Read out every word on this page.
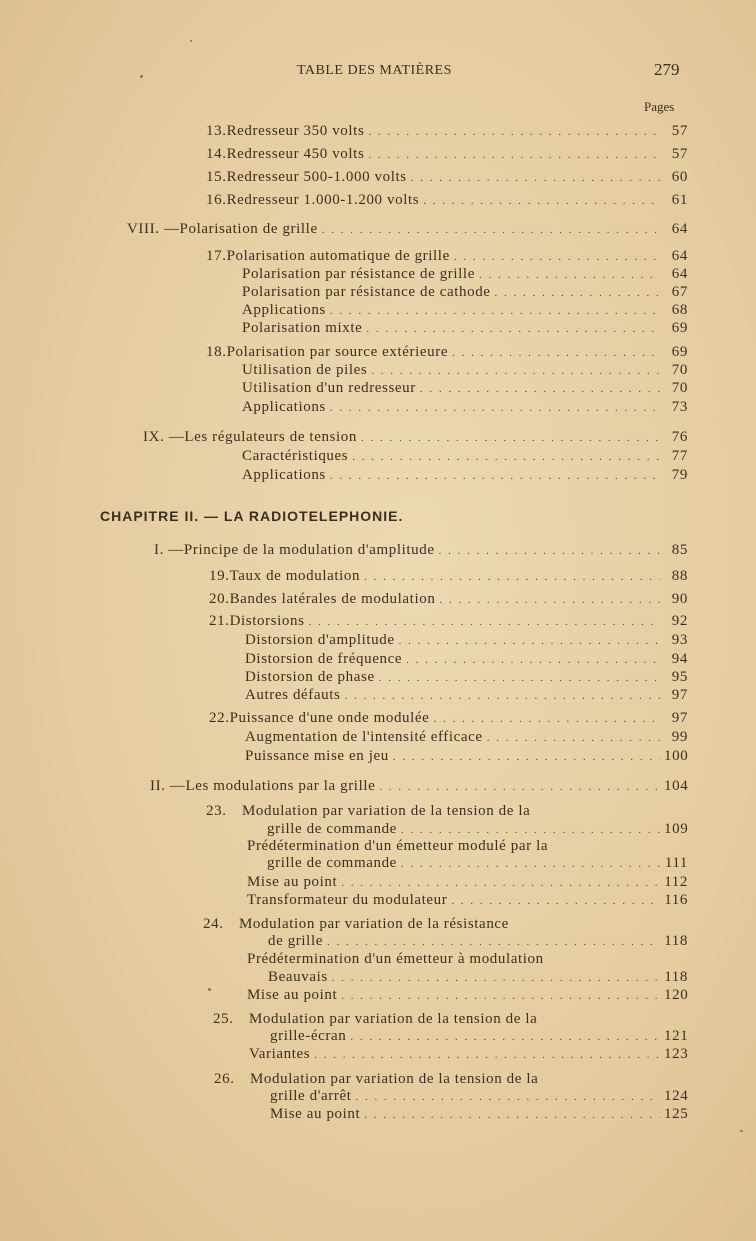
TABLE DES MATIÈRES	279
Pages
13. Redresseur 350 volts . . .	57
14. Redresseur 450 volts . . .	57
15. Redresseur 500-1.000 volts . . .	60
16. Redresseur 1.000-1.200 volts . . .	61
VIII. — Polarisation de grille . . .	64
17. Polarisation automatique de grille . . .	64
Polarisation par résistance de grille . . .	64
Polarisation par résistance de cathode . . .	67
Applications . . .	68
Polarisation mixte . . .	69
18. Polarisation par source extérieure . . .	69
Utilisation de piles . . .	70
Utilisation d'un redresseur . . .	70
Applications . . .	73
IX. — Les régulateurs de tension . . .	76
Caractéristiques . . .	77
Applications . . .	79
CHAPITRE II. — LA RADIOTELEPHONIE.
I. — Principe de la modulation d'amplitude . . .	85
19. Taux de modulation . . .	88
20. Bandes latérales de modulation . . .	90
21. Distorsions . . .	92
Distorsion d'amplitude . . .	93
Distorsion de fréquence . . .	94
Distorsion de phase . . .	95
Autres défauts . . .	97
22. Puissance d'une onde modulée . . .	97
Augmentation de l'intensité efficace . . .	99
Puissance mise en jeu . . .	100
II. — Les modulations par la grille . . .	104
23. Modulation par variation de la tension de la
grille de commande . . .	109
Prédétermination d'un émetteur modulé par la
grille de commande . . .	111
Mise au point . . .	112
Transformateur du modulateur . . .	116
24. Modulation par variation de la résistance
de grille . . .	118
Prédétermination d'un émetteur à modulation
Beauvais . . .	118
Mise au point . . .	120
25. Modulation par variation de la tension de la
grille-écran . . .	121
Variantes . . .	123
26. Modulation par variation de la tension de la
grille d'arrêt . . .	124
Mise au point . . .	125
